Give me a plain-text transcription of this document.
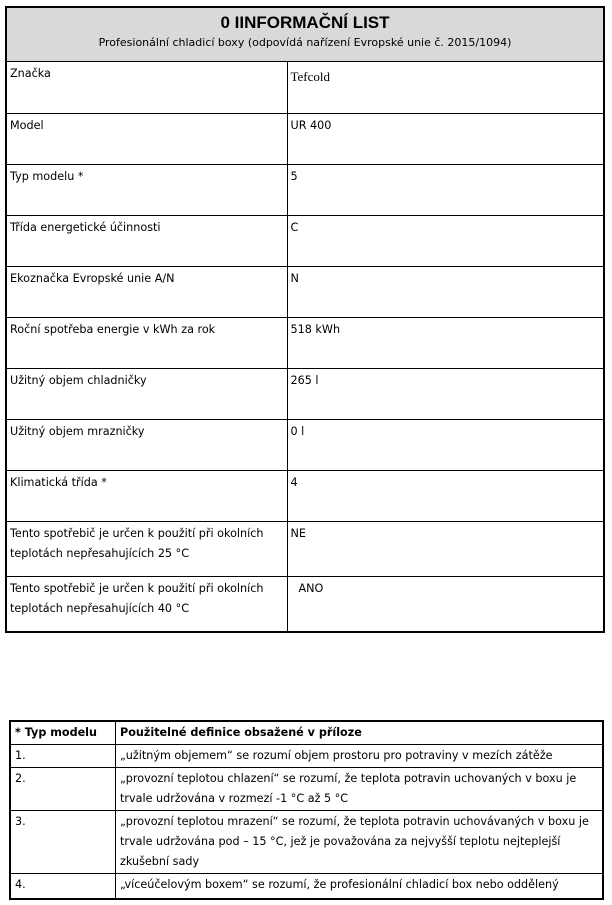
0 IINFORMAČNÍ LIST
Profesionální chladicí boxy (odpovídá nařízení Evropské unie č. 2015/1094)
Značka	Tefcold
Model	UR 400
Typ modelu *	5
Třída energetické účinnosti	C
Ekoznačka Evropské unie A/N	N
Roční spotřeba energie v kWh za rok	518 kWh
Užitný objem chladničky	265 l
Užitný objem mrazničky	0 l
Klimatická třída *	4
Tento spotřebič je určen k použití při okolních teplotách nepřesahujících 25 °C	NE
Tento spotřebič je určen k použití při okolních teplotách nepřesahujících 40 °C	ANO
* Typ modelu	Použitelné definice obsažené v příloze
1.	„užitným objemem“ se rozumí objem prostoru pro potraviny v mezích zátěže
2.	„provozní teplotou chlazení“ se rozumí, že teplota potravin uchovaných v boxu je trvale udržována v rozmezí -1 °C až 5 °C
3.	„provozní teplotou mrazení“ se rozumí, že teplota potravin uchovávaných v boxu je trvale udržována pod – 15 °C, jež je považována za nejvyšší teplotu nejteplejší zkušební sady
4.	„víceúčelovým boxem“ se rozumí, že profesionální chladicí box nebo oddělený
